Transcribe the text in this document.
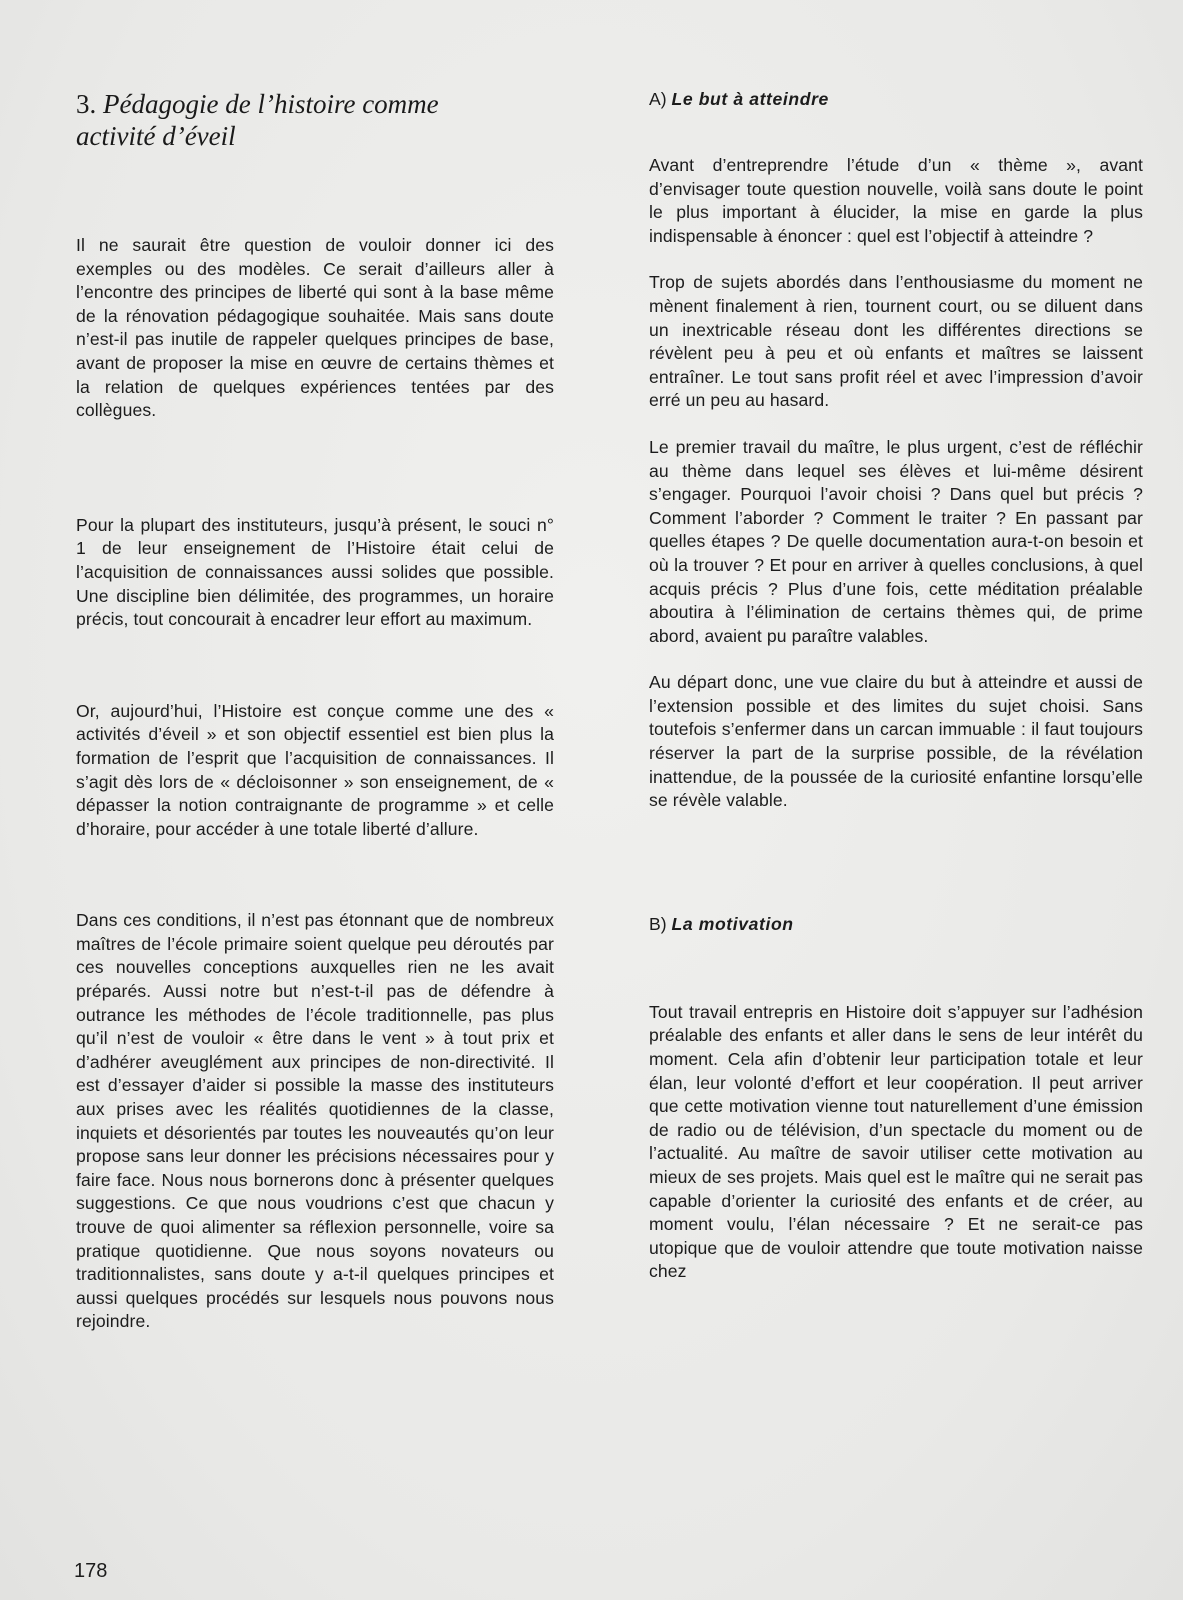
3. Pédagogie de l’histoire comme
activité d’éveil

Il ne saurait être question de vouloir donner ici des exemples ou des modèles. Ce serait d’ailleurs aller à l’encontre des principes de liberté qui sont à la base même de la rénovation pédagogique souhaitée. Mais sans doute n’est-il pas inutile de rappeler quelques principes de base, avant de proposer la mise en œuvre de certains thèmes et la relation de quelques expériences tentées par des collègues.

Pour la plupart des instituteurs, jusqu’à présent, le souci n° 1 de leur enseignement de l’Histoire était celui de l’acquisition de connaissances aussi solides que possible. Une discipline bien délimitée, des programmes, un horaire précis, tout concourait à encadrer leur effort au maximum.

Or, aujourd’hui, l’Histoire est conçue comme une des « activités d’éveil » et son objectif essentiel est bien plus la formation de l’esprit que l’acquisition de connaissances. Il s’agit dès lors de « décloisonner » son enseignement, de « dépasser la notion contraignante de programme » et celle d’horaire, pour accéder à une totale liberté d’allure.

Dans ces conditions, il n’est pas étonnant que de nombreux maîtres de l’école primaire soient quelque peu déroutés par ces nouvelles conceptions auxquelles rien ne les avait préparés. Aussi notre but n’est-t-il pas de défendre à outrance les méthodes de l’école traditionnelle, pas plus qu’il n’est de vouloir « être dans le vent » à tout prix et d’adhérer aveuglément aux principes de non-directivité. Il est d’essayer d’aider si possible la masse des instituteurs aux prises avec les réalités quotidiennes de la classe, inquiets et désorientés par toutes les nouveautés qu’on leur propose sans leur donner les précisions nécessaires pour y faire face. Nous nous bornerons donc à présenter quelques suggestions. Ce que nous voudrions c’est que chacun y trouve de quoi alimenter sa réflexion personnelle, voire sa pratique quotidienne. Que nous soyons novateurs ou traditionnalistes, sans doute y a-t-il quelques principes et aussi quelques procédés sur lesquels nous pouvons nous rejoindre.

A) Le but à atteindre

Avant d’entreprendre l’étude d’un « thème », avant d’envisager toute question nouvelle, voilà sans doute le point le plus important à élucider, la mise en garde la plus indispensable à énoncer : quel est l’objectif à atteindre ?

Trop de sujets abordés dans l’enthousiasme du moment ne mènent finalement à rien, tournent court, ou se diluent dans un inextricable réseau dont les différentes directions se révèlent peu à peu et où enfants et maîtres se laissent entraîner. Le tout sans profit réel et avec l’impression d’avoir erré un peu au hasard.

Le premier travail du maître, le plus urgent, c’est de réfléchir au thème dans lequel ses élèves et lui-même désirent s’engager. Pourquoi l’avoir choisi ? Dans quel but précis ? Comment l’aborder ? Comment le traiter ? En passant par quelles étapes ? De quelle documentation aura-t-on besoin et où la trouver ? Et pour en arriver à quelles conclusions, à quel acquis précis ? Plus d’une fois, cette méditation préalable aboutira à l’élimination de certains thèmes qui, de prime abord, avaient pu paraître valables.

Au départ donc, une vue claire du but à atteindre et aussi de l’extension possible et des limites du sujet choisi. Sans toutefois s’enfermer dans un carcan immuable : il faut toujours réserver la part de la surprise possible, de la révélation inattendue, de la poussée de la curiosité enfantine lorsqu’elle se révèle valable.

B) La motivation

Tout travail entrepris en Histoire doit s’appuyer sur l’adhésion préalable des enfants et aller dans le sens de leur intérêt du moment. Cela afin d’obtenir leur participation totale et leur élan, leur volonté d’effort et leur coopération. Il peut arriver que cette motivation vienne tout naturellement d’une émission de radio ou de télévision, d’un spectacle du moment ou de l’actualité. Au maître de savoir utiliser cette motivation au mieux de ses projets. Mais quel est le maître qui ne serait pas capable d’orienter la curiosité des enfants et de créer, au moment voulu, l’élan nécessaire ? Et ne serait-ce pas utopique que de vouloir attendre que toute motivation naisse chez

178
